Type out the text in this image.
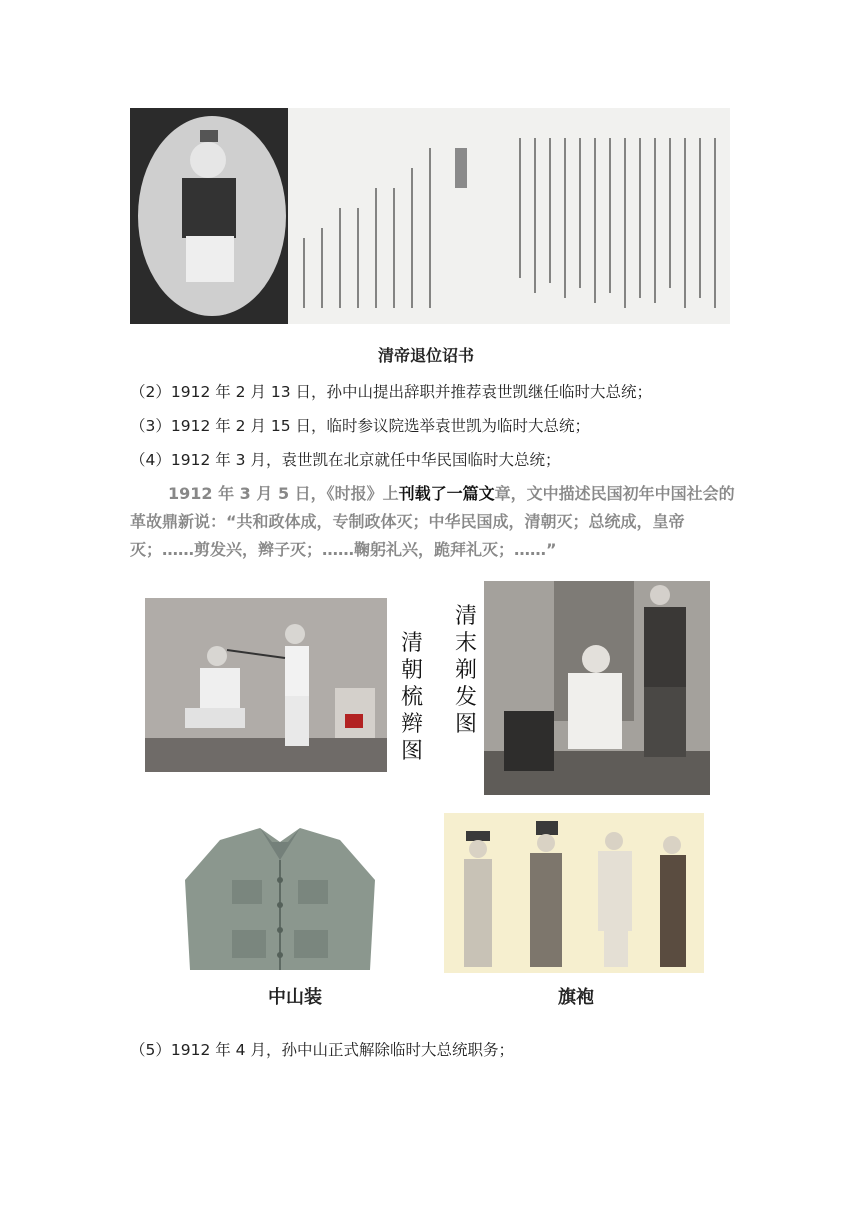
清帝退位诏书
（2）1912 年 2 月 13 日，孙中山提出辞职并推荐袁世凯继任临时大总统；
（3）1912 年 2 月 15 日，临时参议院选举袁世凯为临时大总统；
（4）1912 年 3 月，袁世凯在北京就任中华民国临时大总统；
1912 年 3 月 5 日，《时报》上刊载了一篇文章，文中描述民国初年中国社会的革故鼎新说：“共和政体成，专制政体灭；中华民国成，清朝灭；总统成，皇帝灭；……剪发兴，辫子灭；……鞠躬礼兴，跪拜礼灭；……”
清朝梳辫图
清末剃发图
中山装	旗袍
（5）1912 年 4 月，孙中山正式解除临时大总统职务；
